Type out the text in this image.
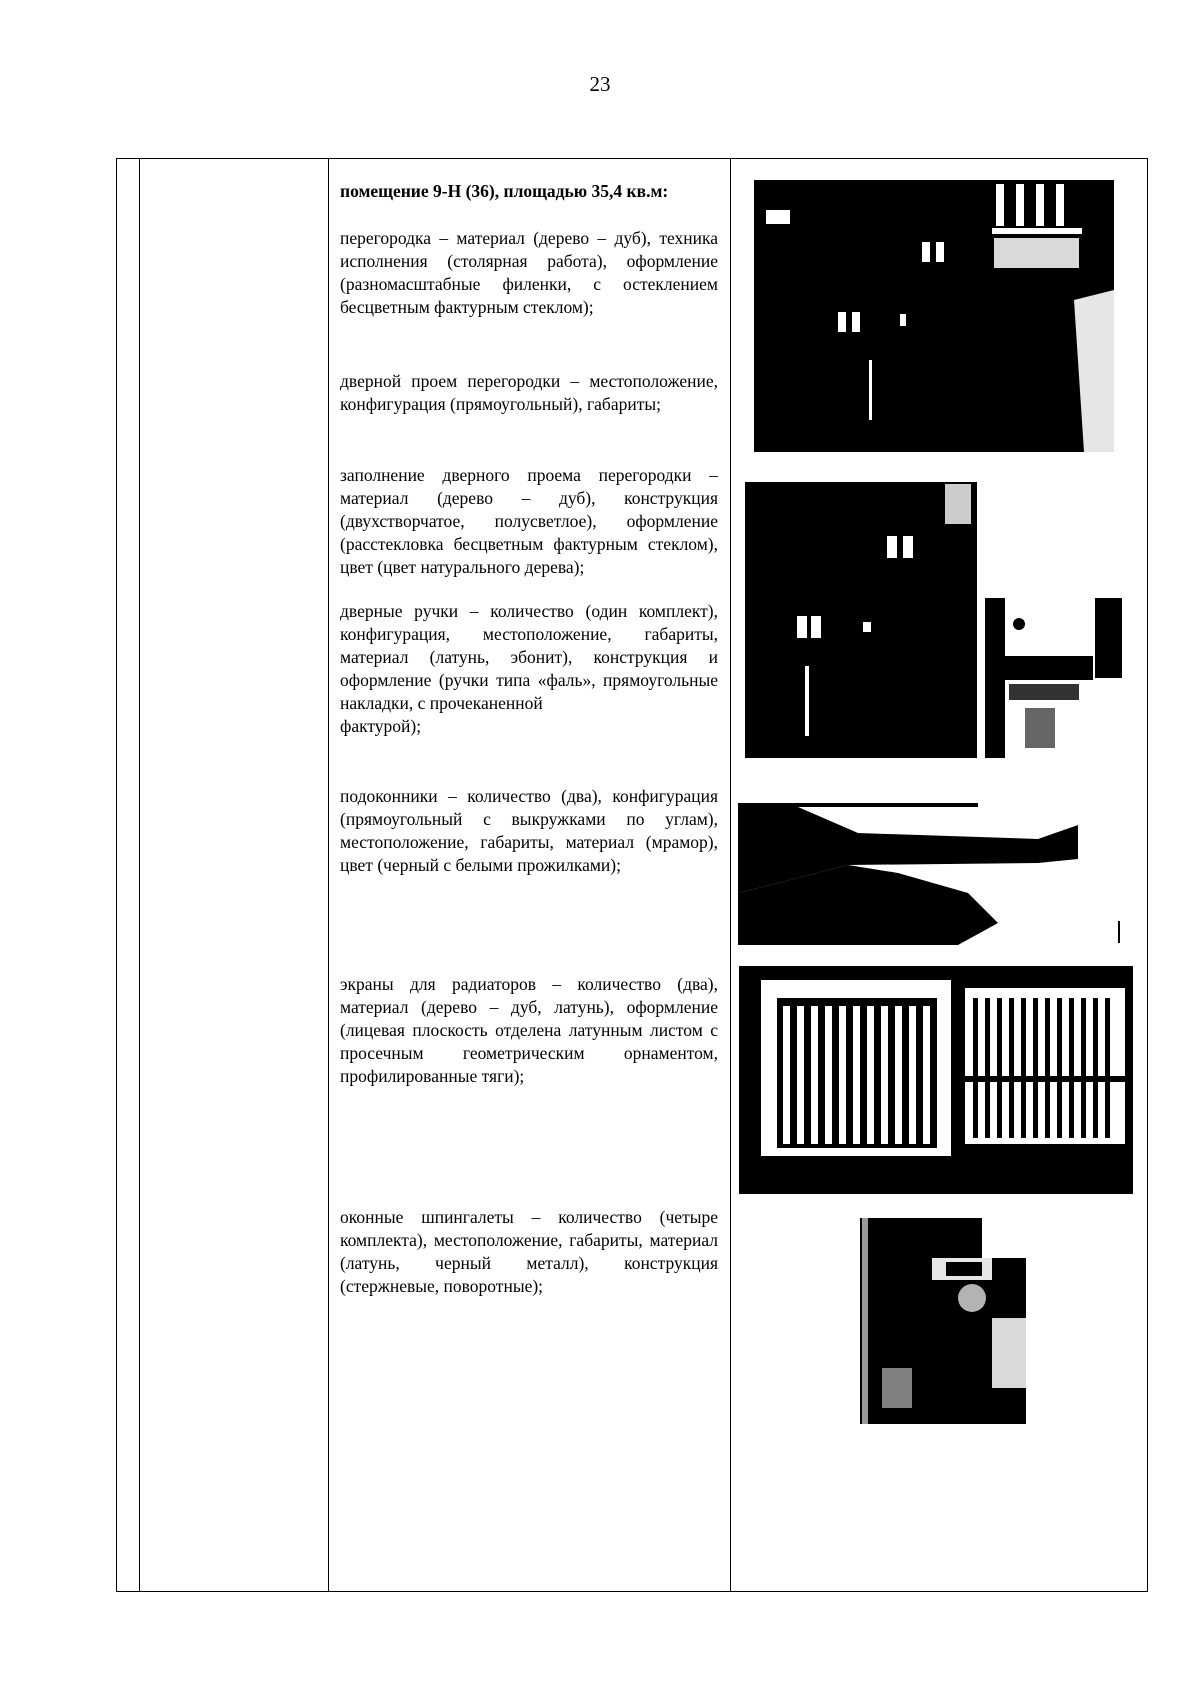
23
помещение 9-Н (36), площадью 35,4 кв.м:
перегородка – материал (дерево – дуб), техника исполнения (столярная работа), оформление (разномасштабные филенки, с остеклением бесцветным фактурным стеклом);
дверной проем перегородки – местоположение, конфигурация (прямоугольный), габариты;
заполнение дверного проема перегородки – материал (дерево – дуб), конструкция (двухстворчатое, полусветлое), оформление (расстекловка бесцветным фактурным стеклом), цвет (цвет натурального дерева);
дверные ручки – количество (один комплект), конфигурация, местоположение, габариты, материал (латунь, эбонит), конструкция и оформление (ручки типа «фаль», прямоугольные накладки, с прочеканенной
фактурой);
подоконники – количество (два), конфигурация (прямоугольный с выкружками по углам), местоположение, габариты, материал (мрамор), цвет (черный с белыми прожилками);
экраны для радиаторов – количество (два), материал (дерево – дуб, латунь), оформление (лицевая плоскость отделена латунным листом с просечным геометрическим орнаментом, профилированные тяги);
оконные шпингалеты – количество (четыре комплекта), местоположение, габариты, материал (латунь, черный металл), конструкция (стержневые, поворотные);
